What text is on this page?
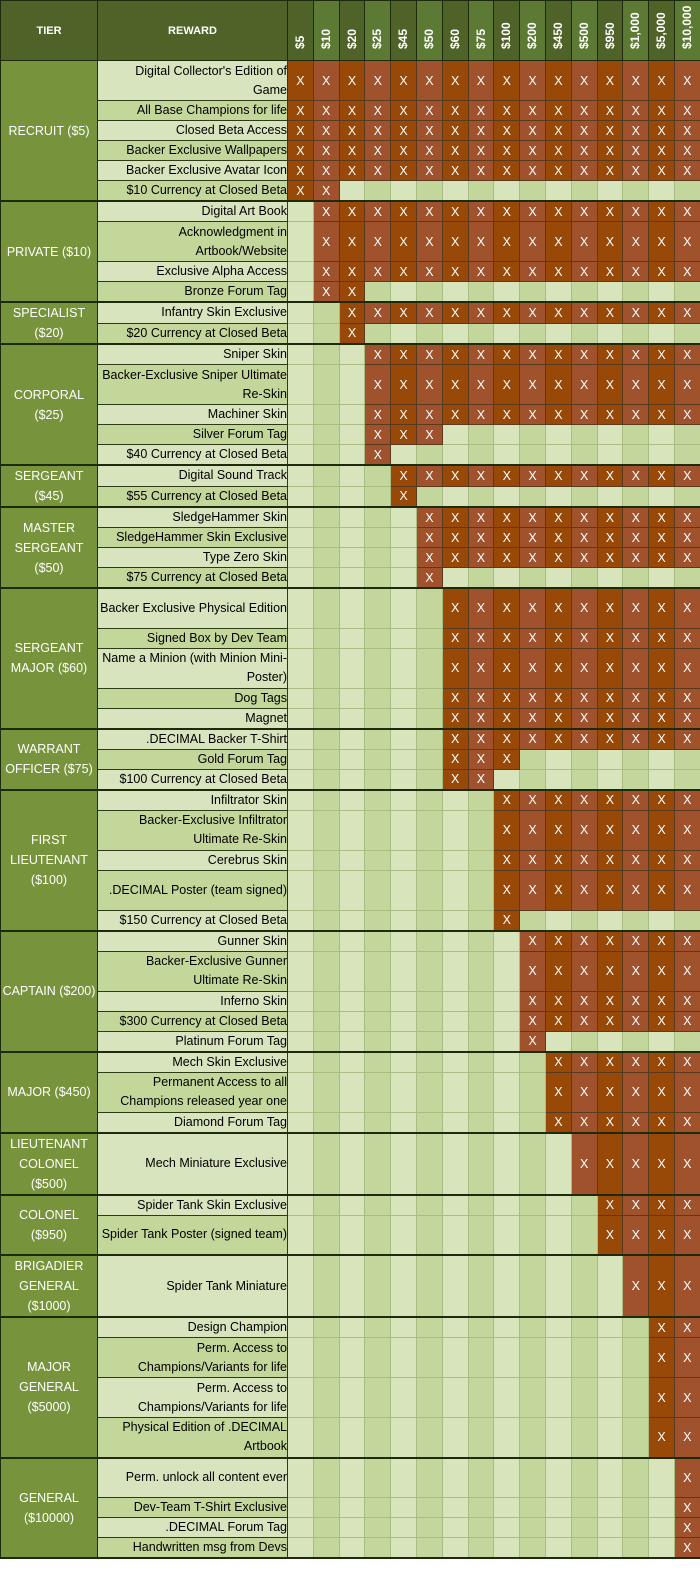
TIER	REWARD	$5	$10	$20	$25	$45	$50	$60	$75	$100	$200	$450	$500	$950	$1,000	$5,000	$10,000

RECRUIT ($5)	Digital Collector's Edition of Game	X	X	X	X	X	X	X	X	X	X	X	X	X	X	X	X
	All Base Champions for life	X	X	X	X	X	X	X	X	X	X	X	X	X	X	X	X
	Closed Beta Access	X	X	X	X	X	X	X	X	X	X	X	X	X	X	X	X
	Backer Exclusive Wallpapers	X	X	X	X	X	X	X	X	X	X	X	X	X	X	X	X
	Backer Exclusive Avatar Icon	X	X	X	X	X	X	X	X	X	X	X	X	X	X	X	X
	$10 Currency at Closed Beta	X	X														
PRIVATE ($10)	Digital Art Book		X	X	X	X	X	X	X	X	X	X	X	X	X	X	X
	Acknowledgment in Artbook/Website		X	X	X	X	X	X	X	X	X	X	X	X	X	X	X
	Exclusive Alpha Access		X	X	X	X	X	X	X	X	X	X	X	X	X	X	X
	Bronze Forum Tag		X	X													
SPECIALIST ($20)	Infantry Skin Exclusive			X	X	X	X	X	X	X	X	X	X	X	X	X	X
	$20 Currency at Closed Beta			X													
CORPORAL ($25)	Sniper Skin				X	X	X	X	X	X	X	X	X	X	X	X	X
	Backer-Exclusive Sniper Ultimate Re-Skin				X	X	X	X	X	X	X	X	X	X	X	X	X
	Machiner Skin				X	X	X	X	X	X	X	X	X	X	X	X	X
	Silver Forum Tag				X	X	X										
	$40 Currency at Closed Beta				X												
SERGEANT ($45)	Digital Sound Track					X	X	X	X	X	X	X	X	X	X	X	X
	$55 Currency at Closed Beta					X											
MASTER SERGEANT ($50)	SledgeHammer Skin						X	X	X	X	X	X	X	X	X	X	X
	SledgeHammer Skin Exclusive						X	X	X	X	X	X	X	X	X	X	X
	Type Zero Skin						X	X	X	X	X	X	X	X	X	X	X
	$75 Currency at Closed Beta						X										
SERGEANT MAJOR ($60)	Backer Exclusive Physical Edition							X	X	X	X	X	X	X	X	X	X
	Signed Box by Dev Team							X	X	X	X	X	X	X	X	X	X
	Name a Minion (with Minion Mini-Poster)							X	X	X	X	X	X	X	X	X	X
	Dog Tags							X	X	X	X	X	X	X	X	X	X
	Magnet							X	X	X	X	X	X	X	X	X	X
WARRANT OFFICER ($75)	.DECIMAL Backer T-Shirt							X	X	X	X	X	X	X	X	X	X
	Gold Forum Tag							X	X	X							
	$100 Currency at Closed Beta							X	X								
FIRST LIEUTENANT ($100)	Infiltrator Skin									X	X	X	X	X	X	X	X
	Backer-Exclusive Infiltrator Ultimate Re-Skin									X	X	X	X	X	X	X	X
	Cerebrus Skin									X	X	X	X	X	X	X	X
	.DECIMAL Poster (team signed)									X	X	X	X	X	X	X	X
	$150 Currency at Closed Beta									X							
CAPTAIN ($200)	Gunner Skin										X	X	X	X	X	X	X
	Backer-Exclusive Gunner Ultimate Re-Skin										X	X	X	X	X	X	X
	Inferno Skin										X	X	X	X	X	X	X
	$300 Currency at Closed Beta										X	X	X	X	X	X	X
	Platinum Forum Tag										X						
MAJOR ($450)	Mech Skin Exclusive											X	X	X	X	X	X
	Permanent Access to all Champions released year one											X	X	X	X	X	X
	Diamond Forum Tag											X	X	X	X	X	X
LIEUTENANT COLONEL ($500)	Mech Miniature Exclusive												X	X	X	X	X
COLONEL ($950)	Spider Tank Skin Exclusive													X	X	X	X
	Spider Tank Poster (signed team)													X	X	X	X
BRIGADIER GENERAL ($1000)	Spider Tank Miniature														X	X	X
MAJOR GENERAL ($5000)	Design Champion															X	X
	Perm. Access to Champions/Variants for life															X	X
	Perm. Access to Champions/Variants for life															X	X
	Physical Edition of .DECIMAL Artbook															X	X
GENERAL ($10000)	Perm. unlock all content ever																X
	Dev-Team T-Shirt Exclusive																X
	.DECIMAL Forum Tag																X
	Handwritten msg from Devs																X
